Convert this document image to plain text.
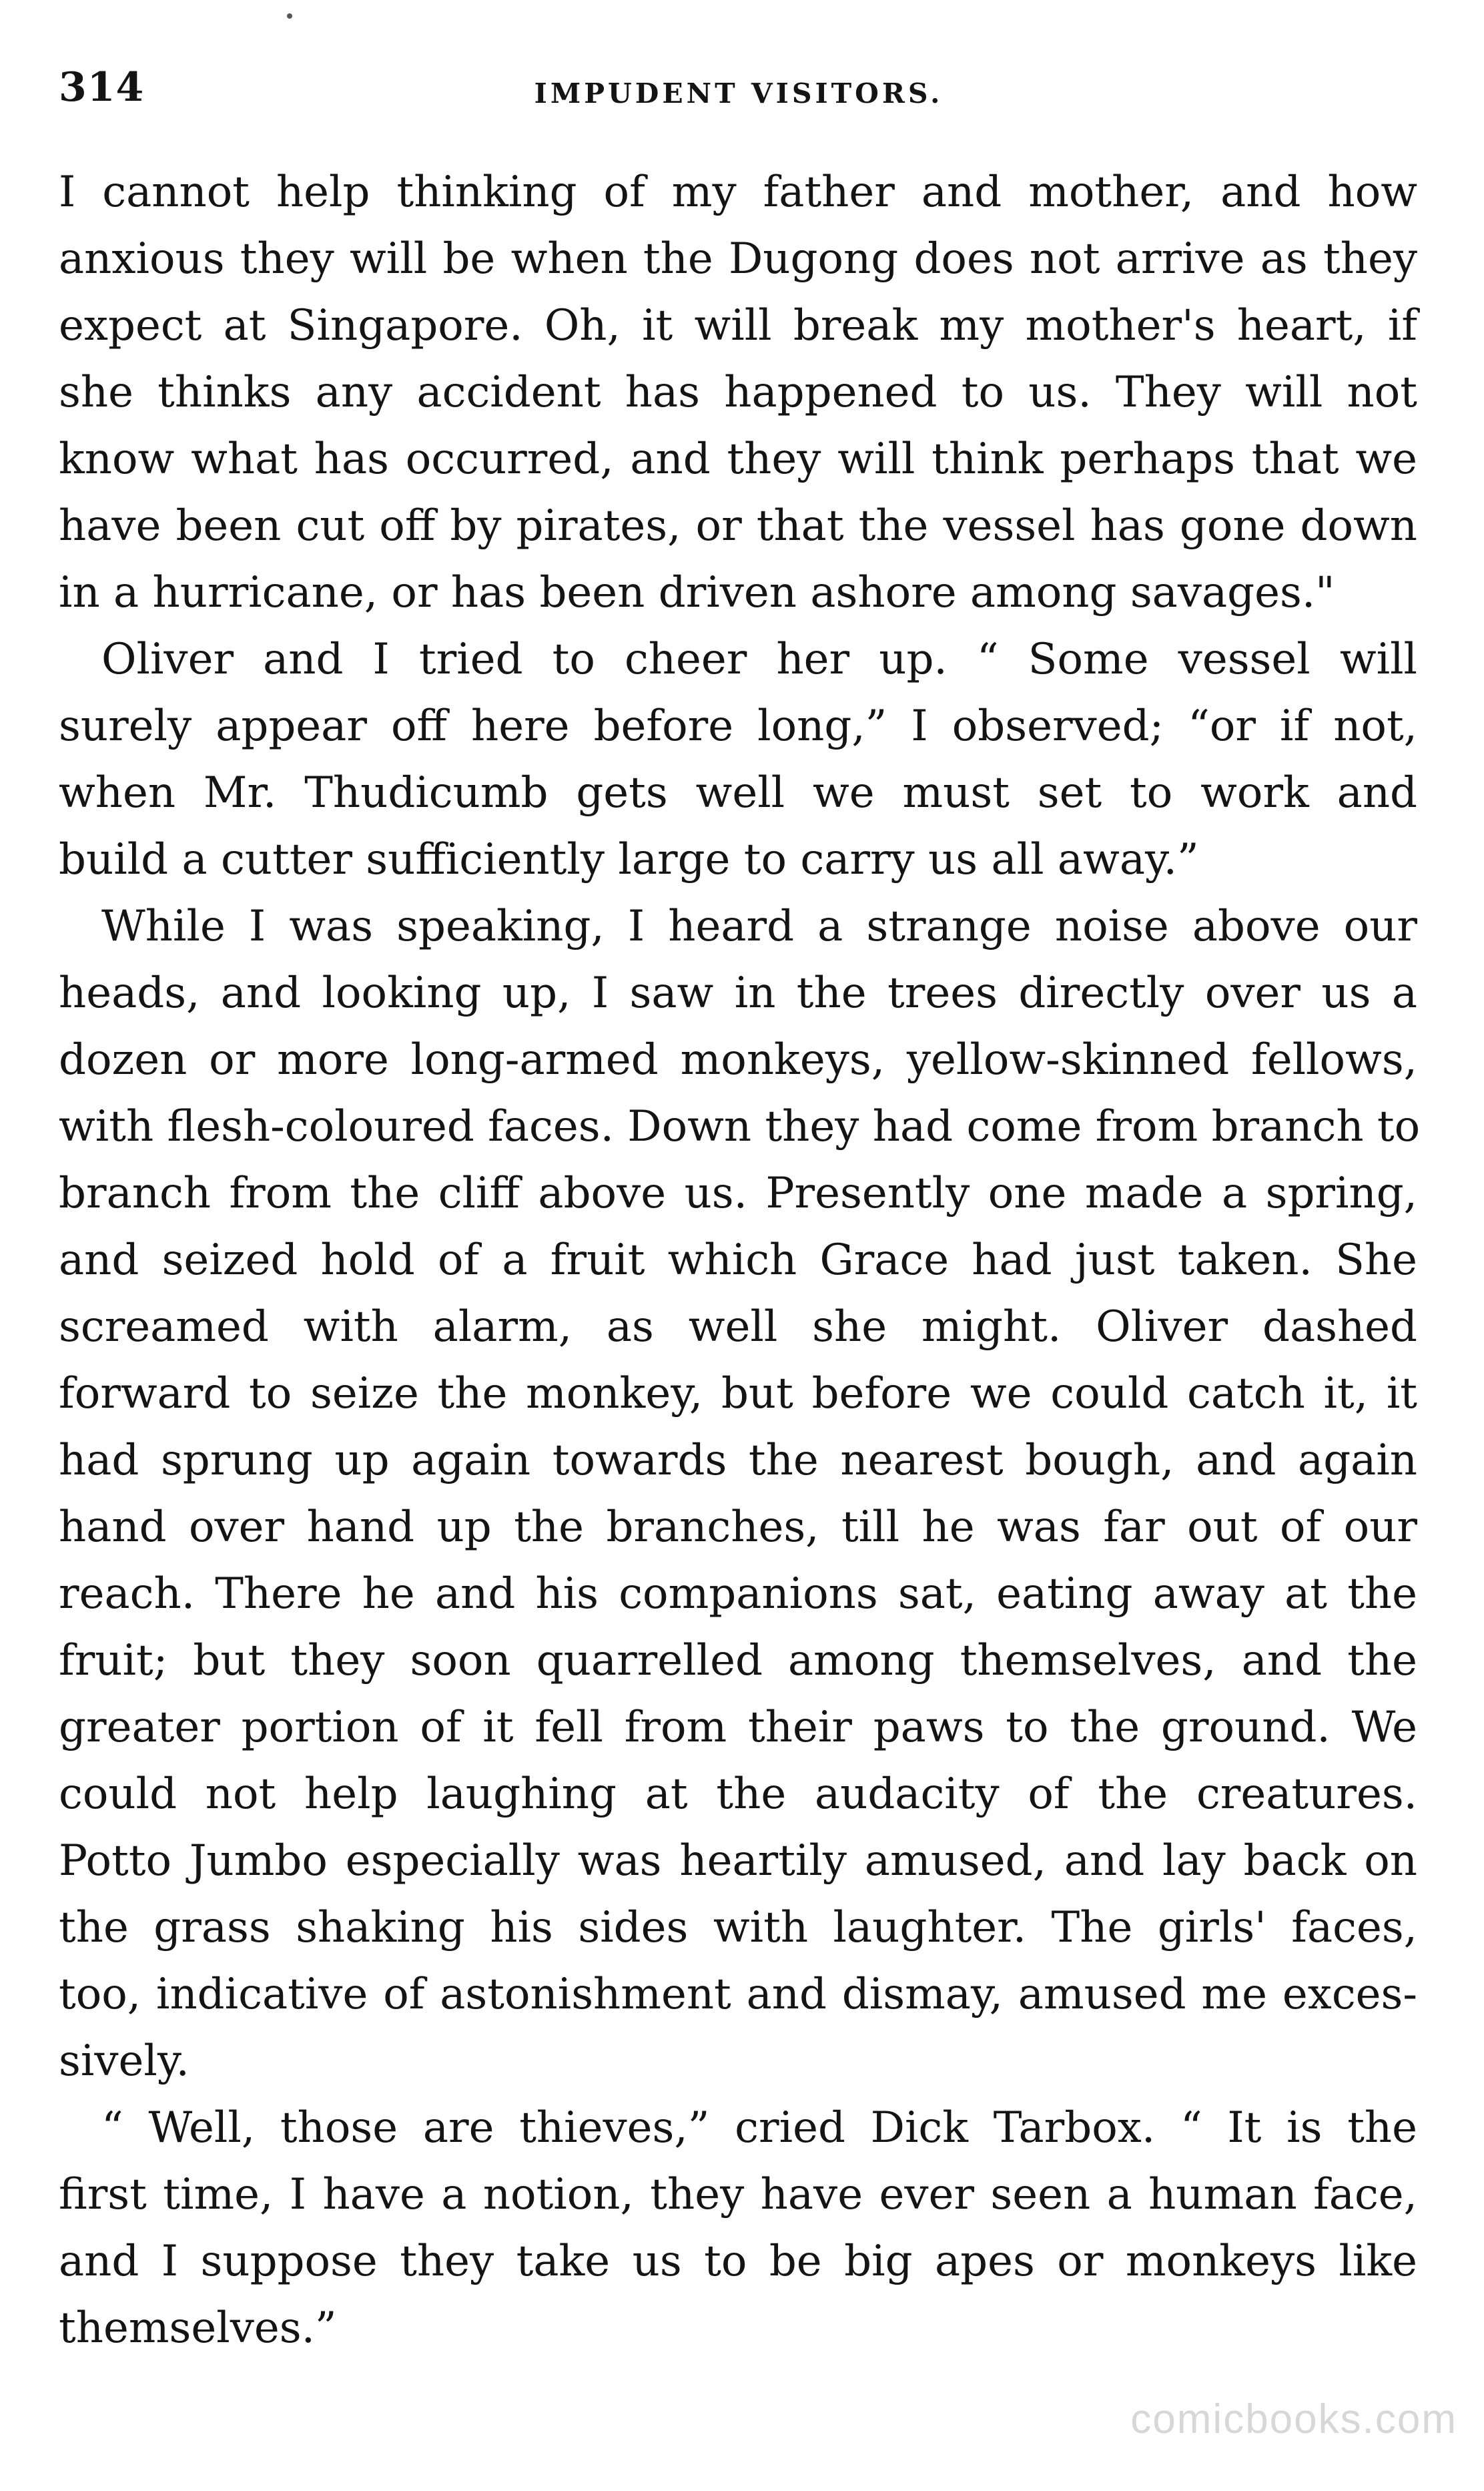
314	IMPUDENT VISITORS.

I cannot help thinking of my father and mother, and how
anxious they will be when the Dugong does not arrive as they
expect at Singapore. Oh, it will break my mother's heart, if
she thinks any accident has happened to us. They will not
know what has occurred, and they will think perhaps that we
have been cut off by pirates, or that the vessel has gone down
in a hurricane, or has been driven ashore among savages."

Oliver and I tried to cheer her up. “ Some vessel will
surely appear off here before long,” I observed; “or if not,
when Mr. Thudicumb gets well we must set to work and
build a cutter sufficiently large to carry us all away.”

While I was speaking, I heard a strange noise above our
heads, and looking up, I saw in the trees directly over us a
dozen or more long-armed monkeys, yellow-skinned fellows,
with flesh-coloured faces. Down they had come from branch to
branch from the cliff above us. Presently one made a spring,
and seized hold of a fruit which Grace had just taken. She
screamed with alarm, as well she might. Oliver dashed
forward to seize the monkey, but before we could catch it, it
had sprung up again towards the nearest bough, and again
hand over hand up the branches, till he was far out of our
reach. There he and his companions sat, eating away at the
fruit; but they soon quarrelled among themselves, and the
greater portion of it fell from their paws to the ground. We
could not help laughing at the audacity of the creatures.
Potto Jumbo especially was heartily amused, and lay back on
the grass shaking his sides with laughter. The girls' faces,
too, indicative of astonishment and dismay, amused me exces-
sively.

“ Well, those are thieves,” cried Dick Tarbox. “ It is the
first time, I have a notion, they have ever seen a human face,
and I suppose they take us to be big apes or monkeys like
themselves.”

comicbooks.com
